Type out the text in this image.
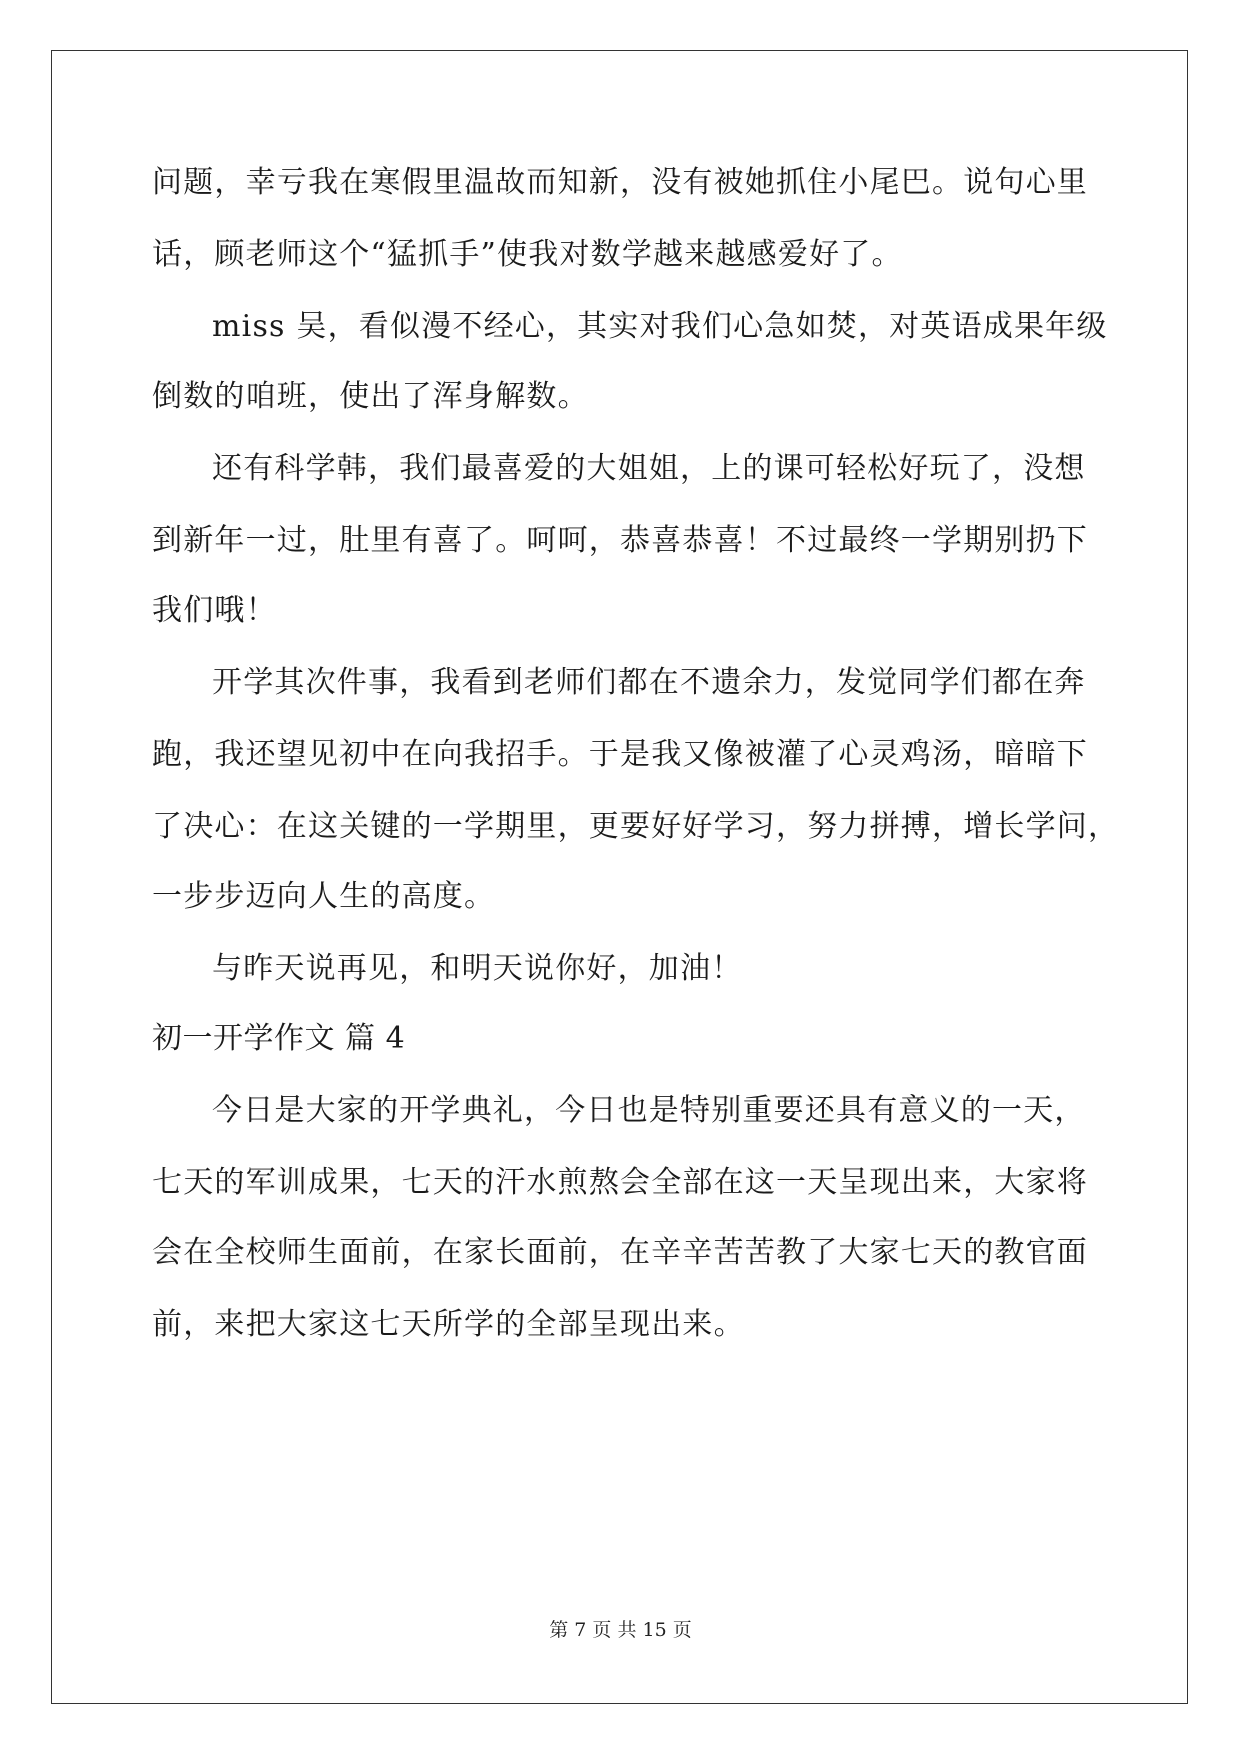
问题，幸亏我在寒假里温故而知新，没有被她抓住小尾巴。说句心里
话，顾老师这个“猛抓手”使我对数学越来越感爱好了。
miss 吴，看似漫不经心，其实对我们心急如焚，对英语成果年级
倒数的咱班，使出了浑身解数。
还有科学韩，我们最喜爱的大姐姐，上的课可轻松好玩了，没想
到新年一过，肚里有喜了。呵呵，恭喜恭喜！不过最终一学期别扔下
我们哦！
开学其次件事，我看到老师们都在不遗余力，发觉同学们都在奔
跑，我还望见初中在向我招手。于是我又像被灌了心灵鸡汤，暗暗下
了决心：在这关键的一学期里，更要好好学习，努力拼搏，增长学问，
一步步迈向人生的高度。
与昨天说再见，和明天说你好，加油！
初一开学作文 篇 4
今日是大家的开学典礼，今日也是特别重要还具有意义的一天，
七天的军训成果，七天的汗水煎熬会全部在这一天呈现出来，大家将
会在全校师生面前，在家长面前，在辛辛苦苦教了大家七天的教官面
前，来把大家这七天所学的全部呈现出来。
第 7 页 共 15 页
